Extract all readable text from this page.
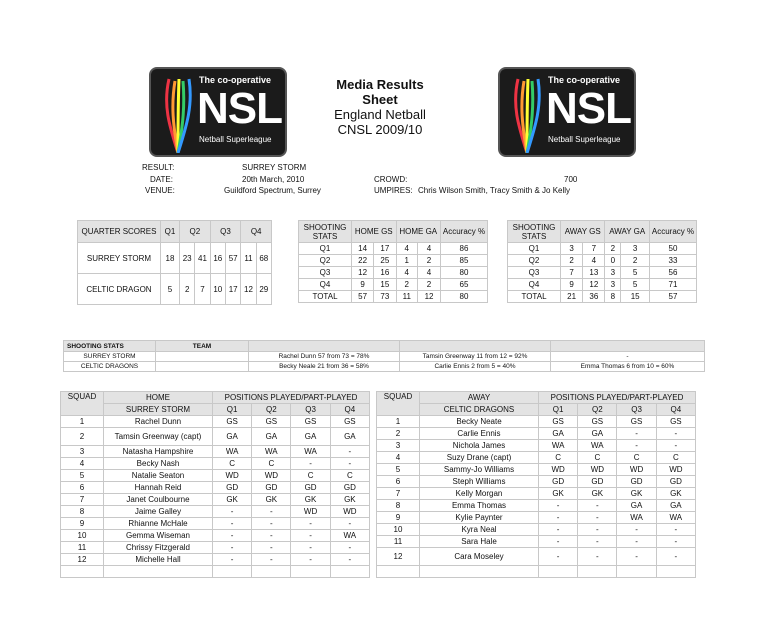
The co-operative
NSL
Netball Superleague
The co-operative
NSL
Netball Superleague
Media Results
Sheet
England Netball
CNSL 2009/10
RESULT:	SURREY STORM
DATE:	20th March, 2010
VENUE:	Guildford Spectrum, Surrey
CROWD:	700
UMPIRES: Chris Wilson Smith, Tracy Smith & Jo Kelly
QUARTER SCORES	Q1	Q2		Q3		Q4	
SURREY STORM	18	23	41	16	57	11	68
CELTIC DRAGON	5	2	7	10	17	12	29
SHOOTING STATS	HOME GS		HOME GA		Accuracy %
Q1	14	17	4	4	86
Q2	22	25	1	2	85
Q3	12	16	4	4	80
Q4	9	15	2	2	65
TOTAL	57	73	11	12	80
SHOOTING STATS	AWAY GS		AWAY GA		Accuracy %
Q1	3	7	2	3	50
Q2	2	4	0	2	33
Q3	7	13	3	5	56
Q4	9	12	3	5	71
TOTAL	21	36	8	15	57
SHOOTING STATS	TEAM			
SURREY STORM		Rachel Dunn 57 from 73 = 78%	Tamsin Greenway 11 from 12 = 92%	-
CELTIC DRAGONS		Becky Neale 21 from 36 = 58%	Carlie Ennis 2 from 5 = 40%	Emma Thomas 6 from 10 = 60%
SQUAD	HOME	POSITIONS PLAYED/PART-PLAYED			
	SURREY STORM	Q1	Q2	Q3	Q4
1	Rachel Dunn	GS	GS	GS	GS
2	Tamsin Greenway (capt)	GA	GA	GA	GA
3	Natasha Hampshire	WA	WA	WA	-
4	Becky Nash	C	C	-	-
5	Natalie Seaton	WD	WD	C	C
6	Hannah Reid	GD	GD	GD	GD
7	Janet Coulbourne	GK	GK	GK	GK
8	Jaime Galley	-	-	WD	WD
9	Rhianne McHale	-	-	-	-
10	Gemma Wiseman	-	-	-	WA
11	Chrissy Fitzgerald	-	-	-	-
12	Michelle Hall	-	-	-	-

SQUAD	AWAY	POSITIONS PLAYED/PART-PLAYED			
	CELTIC DRAGONS	Q1	Q2	Q3	Q4
1	Becky Neate	GS	GS	GS	GS
2	Carlie Ennis	GA	GA	-	-
3	Nichola James	WA	WA	-	-
4	Suzy Drane (capt)	C	C	C	C
5	Sammy-Jo Williams	WD	WD	WD	WD
6	Steph Williams	GD	GD	GD	GD
7	Kelly Morgan	GK	GK	GK	GK
8	Emma Thomas	-	-	GA	GA
9	Kylie Paynter	-	-	WA	WA
10	Kyra Neal	-	-	-	-
11	Sara Hale	-	-	-	-
12	Cara Moseley	-	-	-	-
